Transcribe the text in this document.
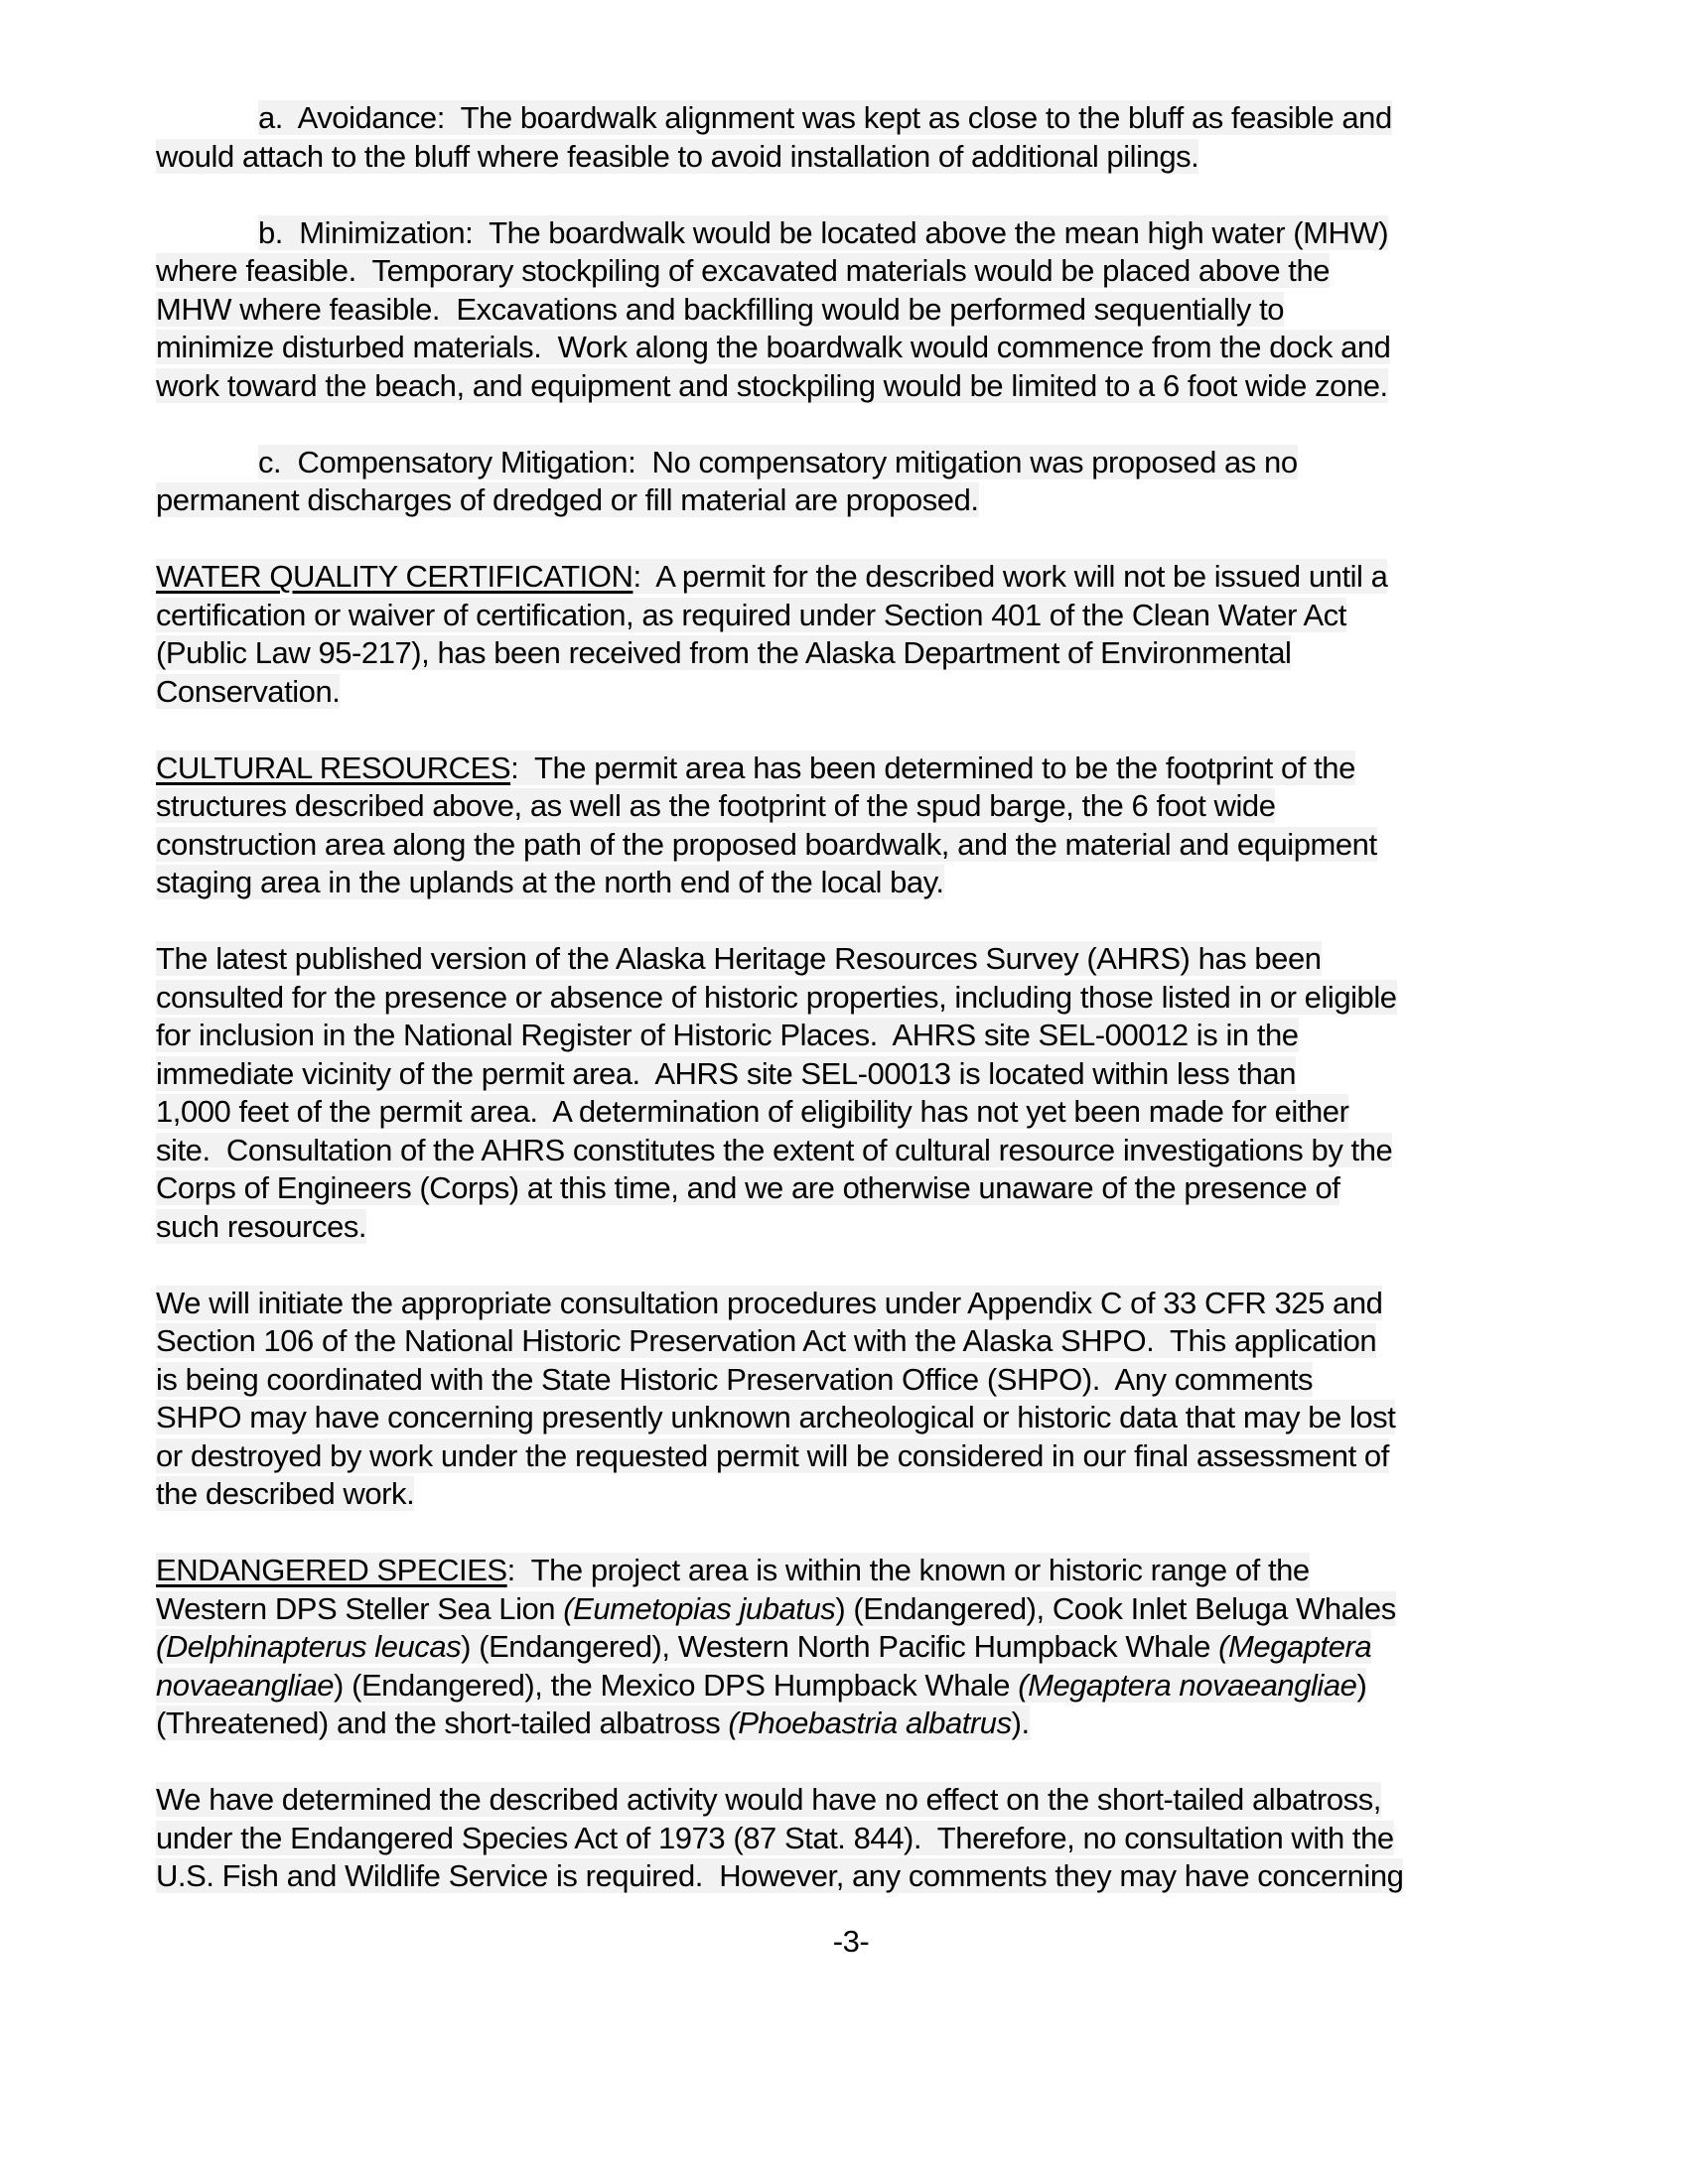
a.  Avoidance:  The boardwalk alignment was kept as close to the bluff as feasible and
would attach to the bluff where feasible to avoid installation of additional pilings.
b.  Minimization:  The boardwalk would be located above the mean high water (MHW)
where feasible.  Temporary stockpiling of excavated materials would be placed above the
MHW where feasible.  Excavations and backfilling would be performed sequentially to
minimize disturbed materials.  Work along the boardwalk would commence from the dock and
work toward the beach, and equipment and stockpiling would be limited to a 6 foot wide zone.
c.  Compensatory Mitigation:  No compensatory mitigation was proposed as no
permanent discharges of dredged or fill material are proposed.
WATER QUALITY CERTIFICATION:  A permit for the described work will not be issued until a
certification or waiver of certification, as required under Section 401 of the Clean Water Act
(Public Law 95-217), has been received from the Alaska Department of Environmental
Conservation.
CULTURAL RESOURCES:  The permit area has been determined to be the footprint of the
structures described above, as well as the footprint of the spud barge, the 6 foot wide
construction area along the path of the proposed boardwalk, and the material and equipment
staging area in the uplands at the north end of the local bay.
The latest published version of the Alaska Heritage Resources Survey (AHRS) has been
consulted for the presence or absence of historic properties, including those listed in or eligible
for inclusion in the National Register of Historic Places.  AHRS site SEL-00012 is in the
immediate vicinity of the permit area.  AHRS site SEL-00013 is located within less than
1,000 feet of the permit area.  A determination of eligibility has not yet been made for either
site.  Consultation of the AHRS constitutes the extent of cultural resource investigations by the
Corps of Engineers (Corps) at this time, and we are otherwise unaware of the presence of
such resources.
We will initiate the appropriate consultation procedures under Appendix C of 33 CFR 325 and
Section 106 of the National Historic Preservation Act with the Alaska SHPO.  This application
is being coordinated with the State Historic Preservation Office (SHPO).  Any comments
SHPO may have concerning presently unknown archeological or historic data that may be lost
or destroyed by work under the requested permit will be considered in our final assessment of
the described work.
ENDANGERED SPECIES:  The project area is within the known or historic range of the
Western DPS Steller Sea Lion (Eumetopias jubatus) (Endangered), Cook Inlet Beluga Whales
(Delphinapterus leucas) (Endangered), Western North Pacific Humpback Whale (Megaptera
novaeangliae) (Endangered), the Mexico DPS Humpback Whale (Megaptera novaeangliae)
(Threatened) and the short-tailed albatross (Phoebastria albatrus).
We have determined the described activity would have no effect on the short-tailed albatross,
under the Endangered Species Act of 1973 (87 Stat. 844).  Therefore, no consultation with the
U.S. Fish and Wildlife Service is required.  However, any comments they may have concerning
-3-
